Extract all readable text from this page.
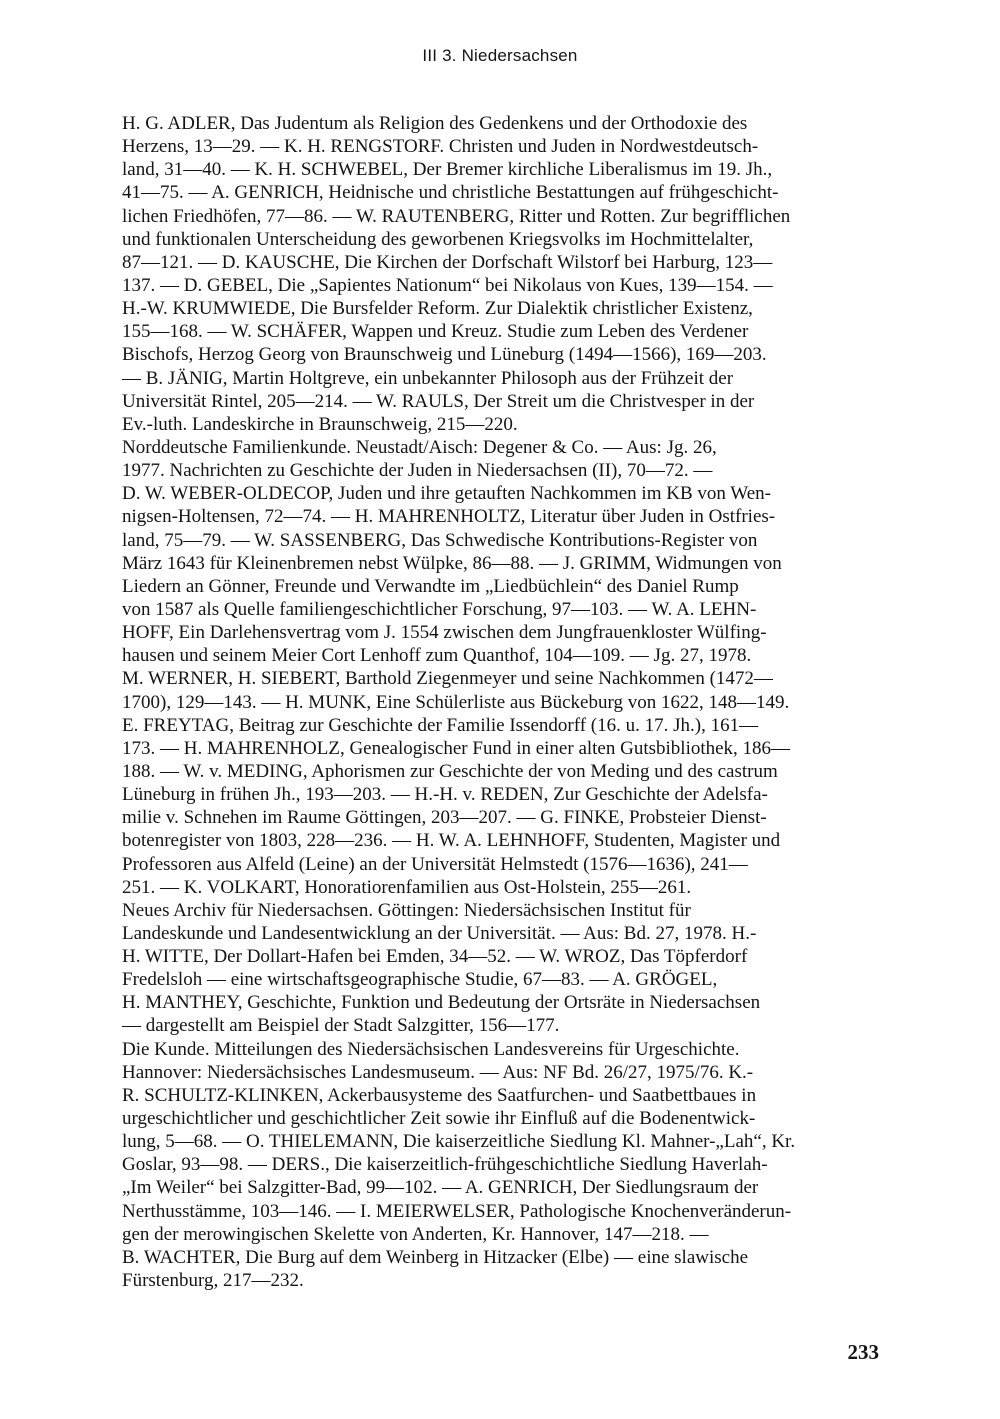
III 3. Niedersachsen
H. G. ADLER, Das Judentum als Religion des Gedenkens und der Orthodoxie des
Herzens, 13—29. — K. H. RENGSTORF. Christen und Juden in Nordwestdeutsch-
land, 31—40. — K. H. SCHWEBEL, Der Bremer kirchliche Liberalismus im 19. Jh.,
41—75. — A. GENRICH, Heidnische und christliche Bestattungen auf frühgeschicht-
lichen Friedhöfen, 77—86. — W. RAUTENBERG, Ritter und Rotten. Zur begrifflichen
und funktionalen Unterscheidung des geworbenen Kriegsvolks im Hochmittelalter,
87—121. — D. KAUSCHE, Die Kirchen der Dorfschaft Wilstorf bei Harburg, 123—
137. — D. GEBEL, Die „Sapientes Nationum“ bei Nikolaus von Kues, 139—154. —
H.-W. KRUMWIEDE, Die Bursfelder Reform. Zur Dialektik christlicher Existenz,
155—168. — W. SCHÄFER, Wappen und Kreuz. Studie zum Leben des Verdener
Bischofs, Herzog Georg von Braunschweig und Lüneburg (1494—1566), 169—203.
— B. JÄNIG, Martin Holtgreve, ein unbekannter Philosoph aus der Frühzeit der
Universität Rintel, 205—214. — W. RAULS, Der Streit um die Christvesper in der
Ev.-luth. Landeskirche in Braunschweig, 215—220.
Norddeutsche Familienkunde. Neustadt/Aisch: Degener & Co. — Aus: Jg. 26,
1977. Nachrichten zu Geschichte der Juden in Niedersachsen (II), 70—72. —
D. W. WEBER-OLDECOP, Juden und ihre getauften Nachkommen im KB von Wen-
nigsen-Holtensen, 72—74. — H. MAHRENHOLTZ, Literatur über Juden in Ostfries-
land, 75—79. — W. SASSENBERG, Das Schwedische Kontributions-Register von
März 1643 für Kleinenbremen nebst Wülpke, 86—88. — J. GRIMM, Widmungen von
Liedern an Gönner, Freunde und Verwandte im „Liedbüchlein“ des Daniel Rump
von 1587 als Quelle familiengeschichtlicher Forschung, 97—103. — W. A. LEHN-
HOFF, Ein Darlehensvertrag vom J. 1554 zwischen dem Jungfrauenkloster Wülfing-
hausen und seinem Meier Cort Lenhoff zum Quanthof, 104—109. — Jg. 27, 1978.
M. WERNER, H. SIEBERT, Barthold Ziegenmeyer und seine Nachkommen (1472—
1700), 129—143. — H. MUNK, Eine Schülerliste aus Bückeburg von 1622, 148—149.
E. FREYTAG, Beitrag zur Geschichte der Familie Issendorff (16. u. 17. Jh.), 161—
173. — H. MAHRENHOLZ, Genealogischer Fund in einer alten Gutsbibliothek, 186—
188. — W. v. MEDING, Aphorismen zur Geschichte der von Meding und des castrum
Lüneburg in frühen Jh., 193—203. — H.-H. v. REDEN, Zur Geschichte der Adelsfa-
milie v. Schnehen im Raume Göttingen, 203—207. — G. FINKE, Probsteier Dienst-
botenregister von 1803, 228—236. — H. W. A. LEHNHOFF, Studenten, Magister und
Professoren aus Alfeld (Leine) an der Universität Helmstedt (1576—1636), 241—
251. — K. VOLKART, Honoratiorenfamilien aus Ost-Holstein, 255—261.
Neues Archiv für Niedersachsen. Göttingen: Niedersächsischen Institut für
Landeskunde und Landesentwicklung an der Universität. — Aus: Bd. 27, 1978. H.-
H. WITTE, Der Dollart-Hafen bei Emden, 34—52. — W. WROZ, Das Töpferdorf
Fredelsloh — eine wirtschaftsgeographische Studie, 67—83. — A. GRÖGEL,
H. MANTHEY, Geschichte, Funktion und Bedeutung der Ortsräte in Niedersachsen
— dargestellt am Beispiel der Stadt Salzgitter, 156—177.
Die Kunde. Mitteilungen des Niedersächsischen Landesvereins für Urgeschichte.
Hannover: Niedersächsisches Landesmuseum. — Aus: NF Bd. 26/27, 1975/76. K.-
R. SCHULTZ-KLINKEN, Ackerbausysteme des Saatfurchen- und Saatbettbaues in
urgeschichtlicher und geschichtlicher Zeit sowie ihr Einfluß auf die Bodenentwick-
lung, 5—68. — O. THIELEMANN, Die kaiserzeitliche Siedlung Kl. Mahner-„Lah“, Kr.
Goslar, 93—98. — DERS., Die kaiserzeitlich-frühgeschichtliche Siedlung Haverlah-
„Im Weiler“ bei Salzgitter-Bad, 99—102. — A. GENRICH, Der Siedlungsraum der
Nerthusstämme, 103—146. — I. MEIERWELSER, Pathologische Knochenveränderun-
gen der merowingischen Skelette von Anderten, Kr. Hannover, 147—218. —
B. WACHTER, Die Burg auf dem Weinberg in Hitzacker (Elbe) — eine slawische
Fürstenburg, 217—232.
233
